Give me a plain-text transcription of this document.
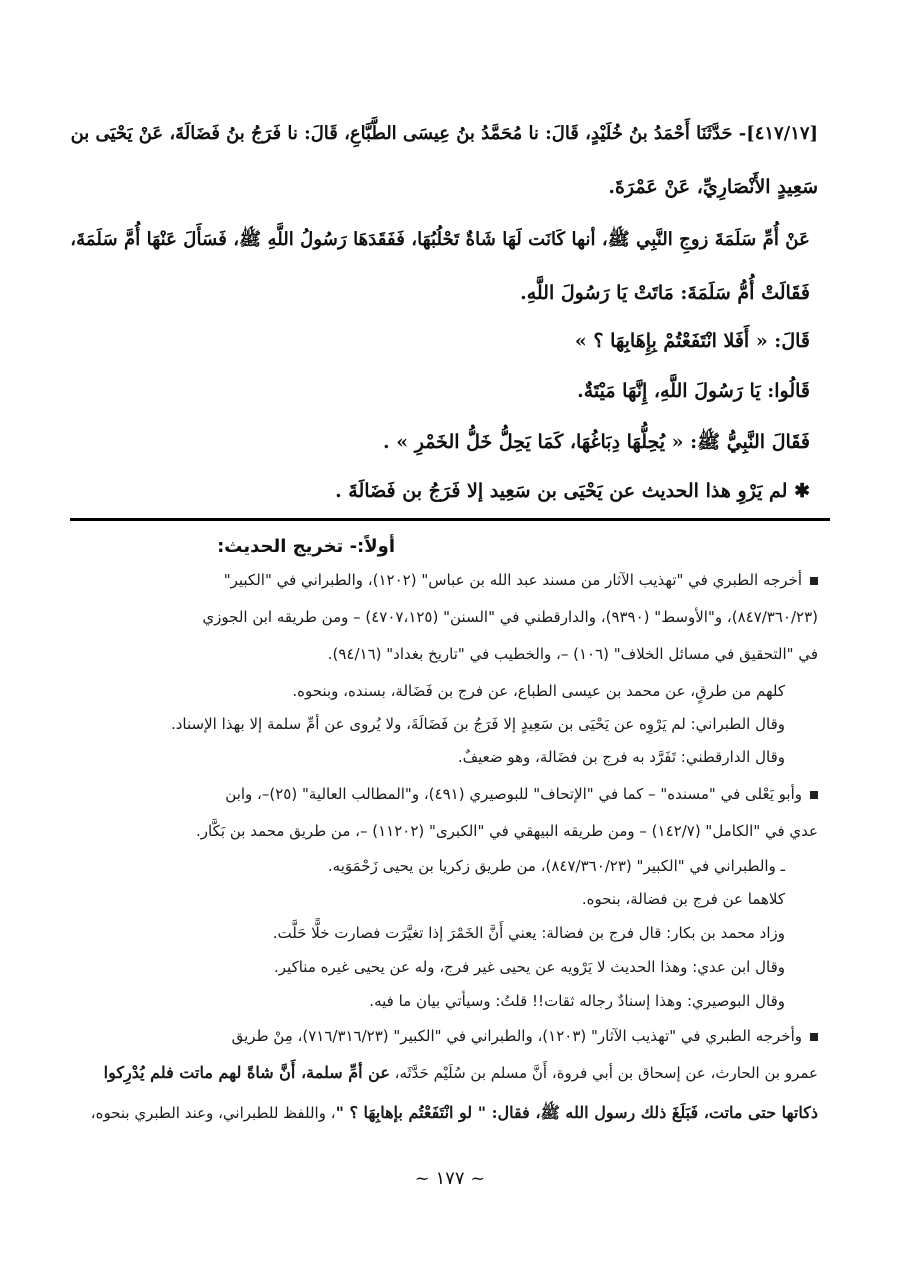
[٤١٧/١٧]- حَدَّثَنَا أَحْمَدُ بنُ خُلَيْدٍ، قَالَ: نا مُحَمَّدُ بنُ عِيسَى الطَّبَّاعِ، قَالَ: نا فَرَجُ بنُ فَضَالَةَ، عَنْ يَحْيَى بن
سَعِيدٍ الأَنْصَارِيِّ، عَنْ عَمْرَةَ.
عَنْ أُمِّ سَلَمَةَ زوجِ النَّبِي ﷺ، أنها كَانَت لَهَا شَاةٌ تَحْلُبُهَا، فَفَقَدَهَا رَسُولُ اللَّهِ ﷺ، فَسَأَلَ عَنْهَا أُمَّ سَلَمَةَ،
فَقَالَتْ أُمُّ سَلَمَةَ: مَاتَتْ يَا رَسُولَ اللَّهِ.
قَالَ: « أَفَلا انْتَفَعْتُمْ بِإِهَابِهَا ؟ »
قَالُوا: يَا رَسُولَ اللَّهِ، إِنَّهَا مَيْتَةٌ.
فَقَالَ النَّبِيُّ ﷺ: « يُحِلُّهَا دِبَاغُهَا، كَمَا يَحِلُّ خَلُّ الخَمْرِ » .
✱ لم يَرْوِ هذا الحديث عن يَحْيَى بن سَعِيد إلا فَرَجُ بن فَضَالَةَ .
أولاً:- تخريج الحديث:
أخرجه الطبري في "تهذيب الآثار من مسند عبد الله بن عباس" (١٢٠٢)، والطبراني في "الكبير"
(٨٤٧/٣٦٠/٢٣)، و"الأوسط" (٩٣٩٠)، والدارقطني في "السنن" (٤٧٠٧،١٢٥) – ومن طريقه ابن الجوزي
في "التحقيق في مسائل الخلاف" (١٠٦) –، والخطيب في "تاريخ بغداد" (٩٤/١٦).
كلهم من طرقٍ، عن محمد بن عيسى الطباع، عن فرج بن فَضَالة، بسنده، وبنحوه.
وقال الطبراني: لم يَرْوِه عن يَحْيَى بن سَعِيدٍ إلا فَرَجُ بن فَضَالَةَ، ولا يُروى عن أمِّ سلمة إلا بهذا الإسناد.
وقال الدارقطني: تَفَرَّد به فرج بن فضَالة، وهو ضعيفٌ.
وأبو يَعْلى في "مسنده" – كما في "الإتحاف" للبوصيري (٤٩١)، و"المطالب العالية" (٢٥)–، وابن
عدي في "الكامل" (١٤٢/٧) – ومن طريقه البيهقي في "الكبرى" (١١٢٠٢) –، من طريق محمد بن بَكَّار.
ـ والطبراني في "الكبير" (٨٤٧/٣٦٠/٢٣)، من طريق زكريا بن يحيى زَحْمَوَيه.
كلاهما عن فرج بن فضالة، بنحوه.
وزاد محمد بن بكار: قال فرج بن فضالة: يعني أَنَّ الخَمْرَ إذا تغيَّرَت فصارت خلًّا حَلَّت.
وقال ابن عدي: وهذا الحديث لا يَرْويه عن يحيى غير فرج، وله عن يحيى غيره مناكير.
وقال البوصيري: وهذا إسنادٌ رجاله ثقات!! قلتُ: وسيأتي بيان ما فيه.
وأخرجه الطبري في "تهذيب الآثار" (١٢٠٣)، والطبراني في "الكبير" (٧١٦/٣١٦/٢٣)، مِنْ طريق
عمرو بن الحارث، عن إسحاق بن أبي فروة، أَنَّ مسلم بن سُلَيْم حَدَّثَه، عن أمِّ سلمة، أَنَّ شاةً لهم ماتت فلم يُدْرِكوا
ذكاتها حتى ماتت، فَبَلَغَ ذلك رسول الله ﷺ، فقال: " لو انْتَفَعْتُم بإهابِهَا ؟ "، واللفظ للطبراني، وعند الطبري بنحوه،
~ ١٧٧ ~
